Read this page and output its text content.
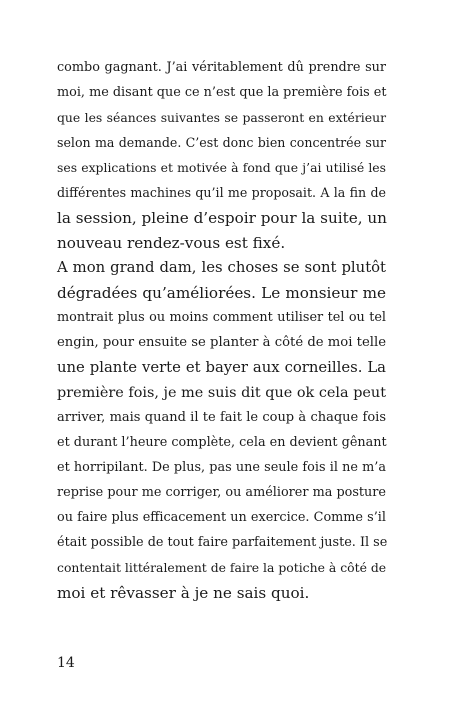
combo gagnant. J’ai véritablement dû prendre sur
moi, me disant que ce n’est que la première fois et
que les séances suivantes se passeront en extérieur
selon ma demande. C’est donc bien concentrée sur
ses explications et motivée à fond que j’ai utilisé les
différentes machines qu’il me proposait. A la fin de
la session, pleine d’espoir pour la suite, un
nouveau rendez-vous est fixé.
A mon grand dam, les choses se sont plutôt
dégradées qu’améliorées. Le monsieur me
montrait plus ou moins comment utiliser tel ou tel
engin, pour ensuite se planter à côté de moi telle
une plante verte et bayer aux corneilles. La
première fois, je me suis dit que ok cela peut
arriver, mais quand il te fait le coup à chaque fois
et durant l’heure complète, cela en devient gênant
et horripilant. De plus, pas une seule fois il ne m’a
reprise pour me corriger, ou améliorer ma posture
ou faire plus efficacement un exercice. Comme s’il
était possible de tout faire parfaitement juste. Il se
contentait littéralement de faire la potiche à côté de
moi et rêvasser à je ne sais quoi.
14
